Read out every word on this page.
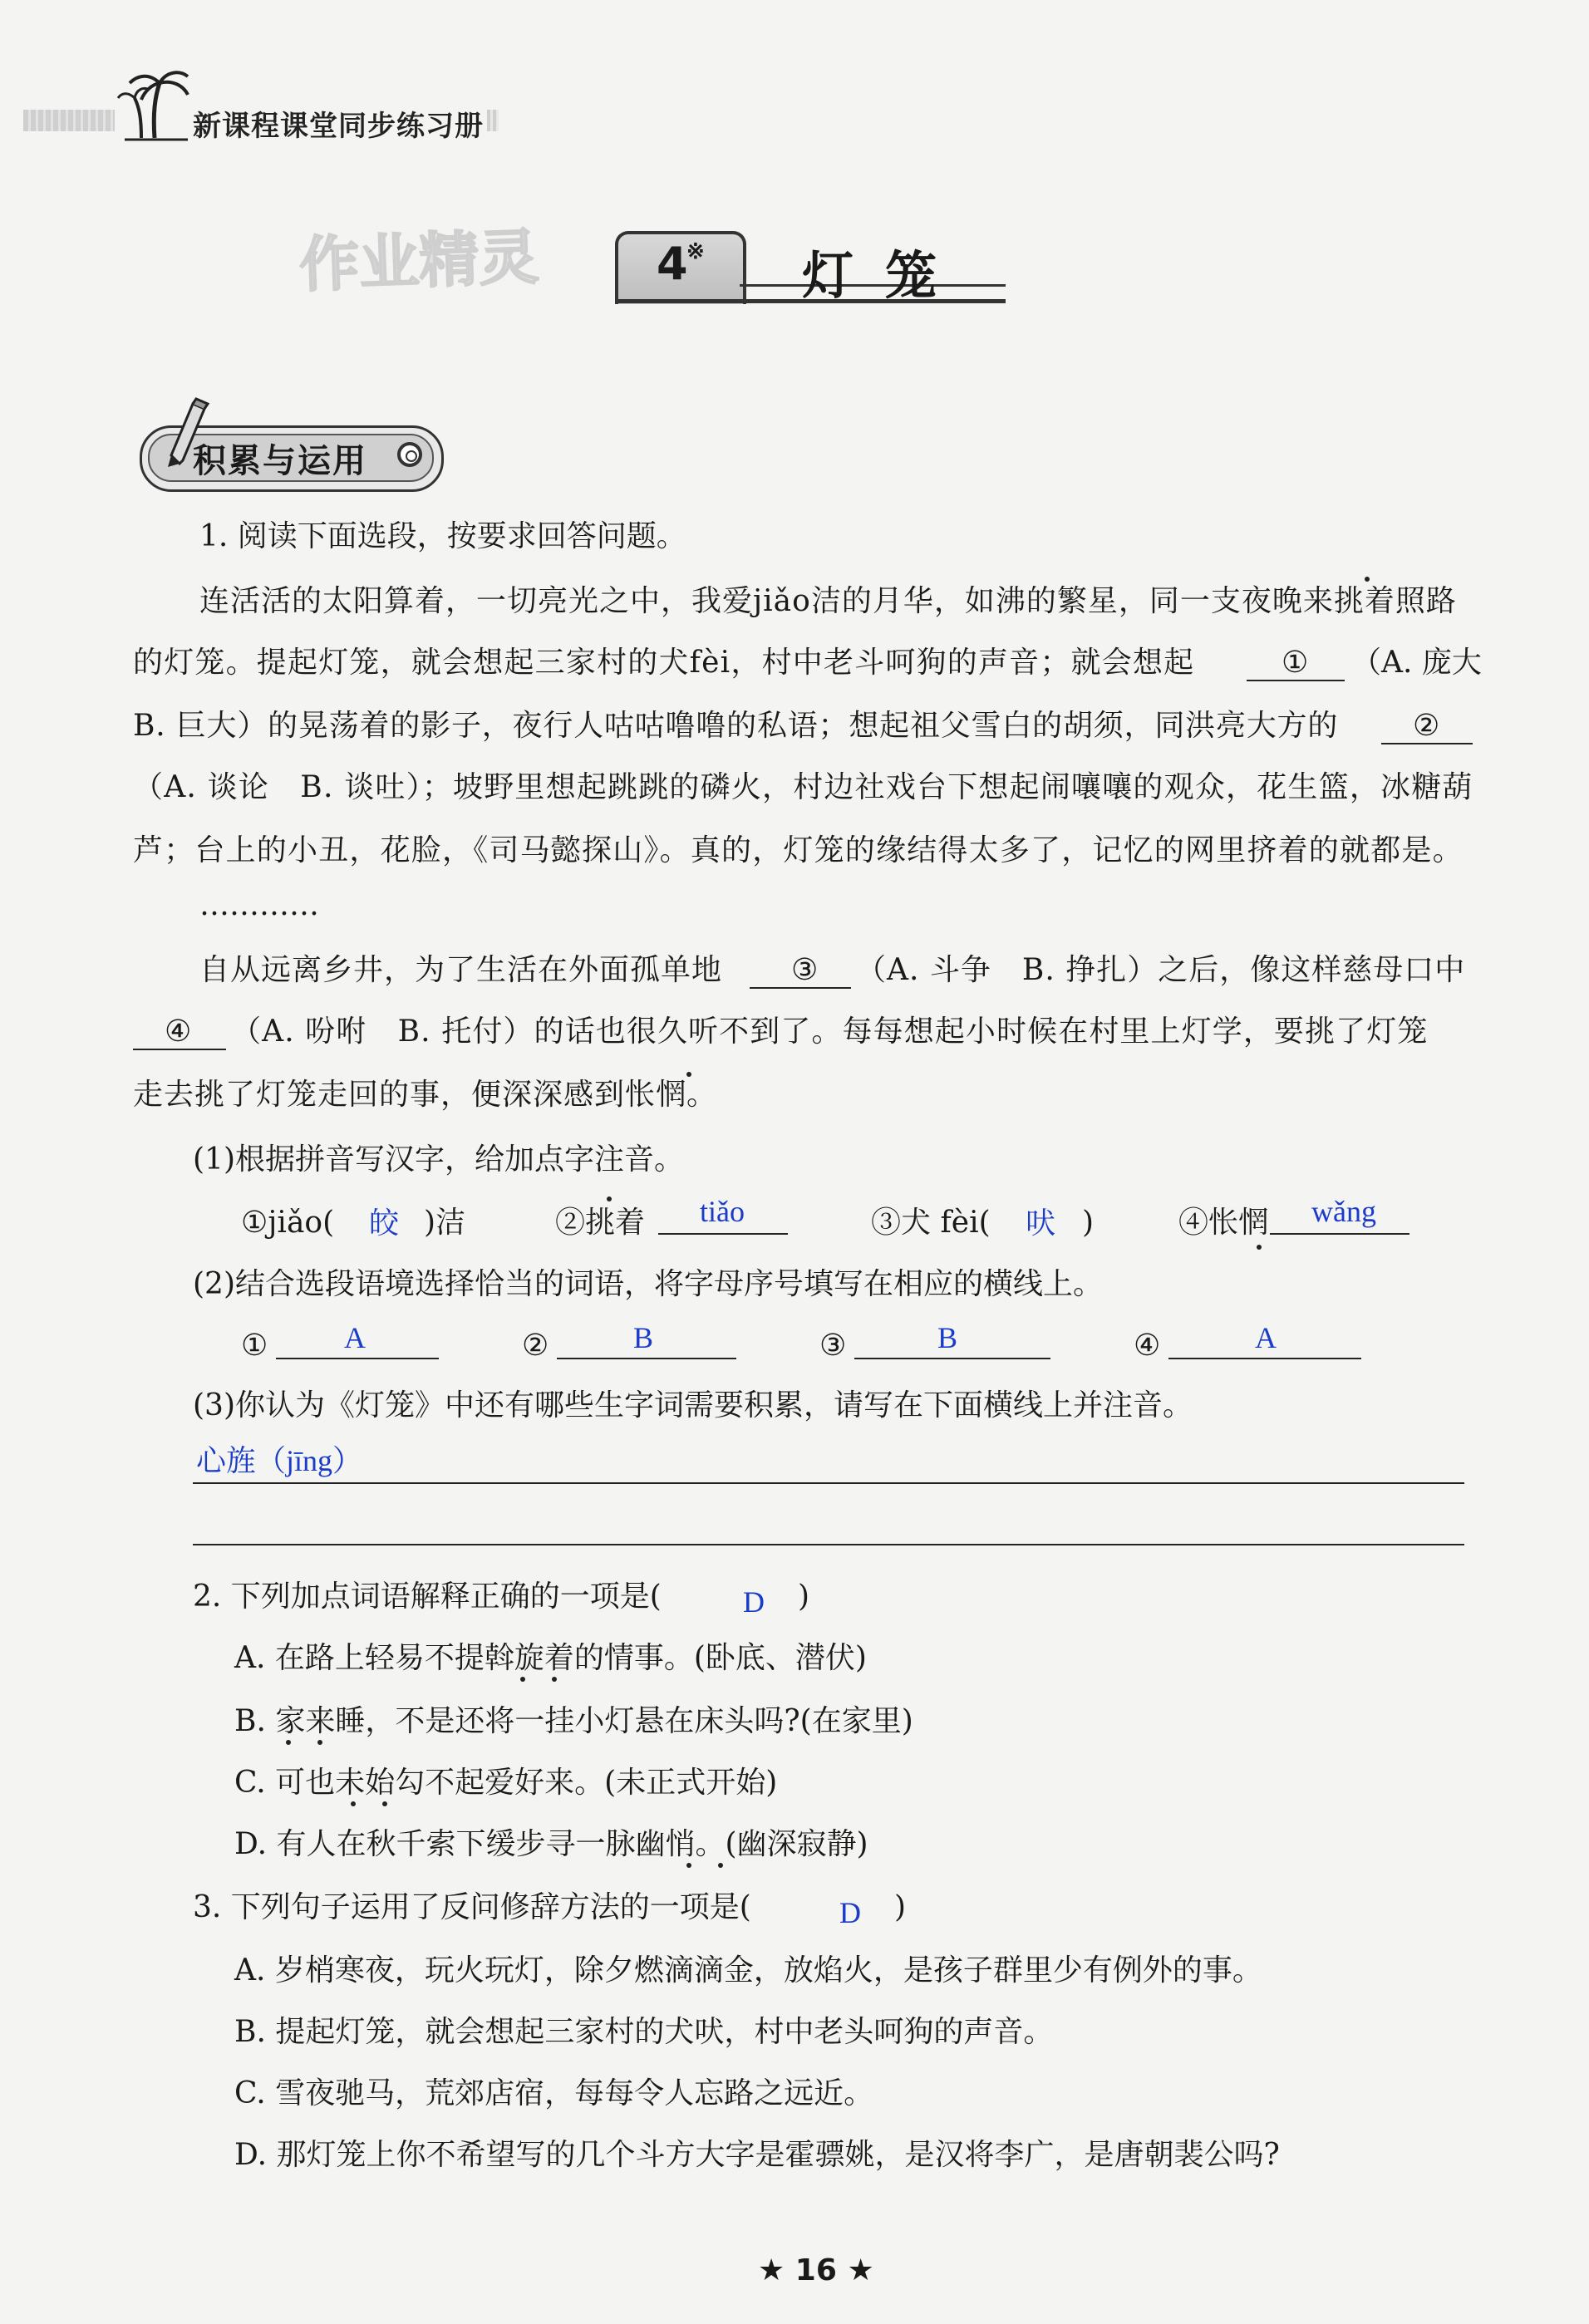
新课程课堂同步练习册
作业精灵	4
※ 灯笼
积累与运用
1. 阅读下面选段，按要求回答问题。
连活活的太阳算着，一切亮光之中，我爱jiǎo洁的月华，如沸的繁星，同一支夜晚来挑着照路
的灯笼。提起灯笼，就会想起三家村的犬fèi，村中老斗呵狗的声音；就会想起	① （A. 庞大
B. 巨大）的晃荡着的影子，夜行人咕咕噜噜的私语；想起祖父雪白的胡须，同洪亮大方的 ②
（A. 谈论　B. 谈吐）；坡野里想起跳跳的磷火，村边社戏台下想起闹嚷嚷的观众，花生篮，冰糖葫
芦；台上的小丑，花脸，《司马懿探山》。真的，灯笼的缘结得太多了，记忆的网里挤着的就都是。
…………
自从远离乡井，为了生活在外面孤单地 ③ （A. 斗争　B. 挣扎）之后，像这样慈母口中
④ （A. 吩咐　B. 托付）的话也很久听不到了。每每想起小时候在村里上灯学，要挑了灯笼
走去挑了灯笼走回的事，便深深感到怅惘。
(1)根据拼音写汉字，给加点字注音。
①jiǎo( 皎 )洁	②挑着 tiǎo	③犬 fèi( 吠 )	④怅惘 wǎng
(2)结合选段语境选择恰当的词语，将字母序号填写在相应的横线上。
①	A	②	B	③	B	④	A
(3)你认为《灯笼》中还有哪些生字词需要积累，请写在下面横线上并注音。
心旌（jīng）
2. 下列加点词语解释正确的一项是(	D )
A. 在路上轻易不提斡旋着的情事。(卧底、潜伏)
B. 家来睡，不是还将一挂小灯悬在床头吗?(在家里)
C. 可也未始勾不起爱好来。(未正式开始)
D. 有人在秋千索下缓步寻一脉幽悄。(幽深寂静)
3. 下列句子运用了反问修辞方法的一项是(	D )
A. 岁梢寒夜，玩火玩灯，除夕燃滴滴金，放焰火，是孩子群里少有例外的事。
B. 提起灯笼，就会想起三家村的犬吠，村中老头呵狗的声音。
C. 雪夜驰马，荒郊店宿，每每令人忘路之远近。
D. 那灯笼上你不希望写的几个斗方大字是霍骠姚，是汉将李广，是唐朝裴公吗?
★ 16 ★
